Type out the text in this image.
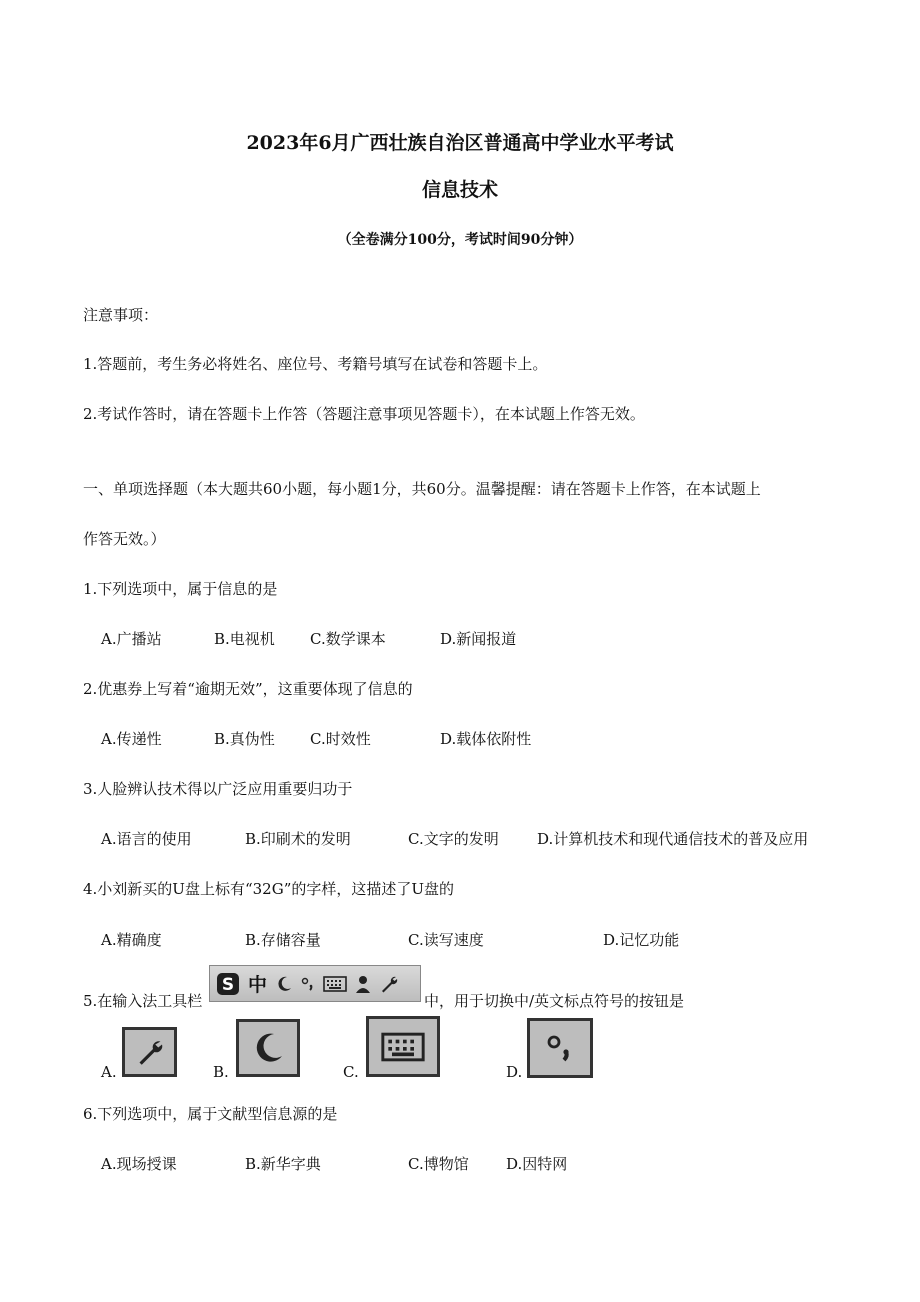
2023年6月广西壮族自治区普通高中学业水平考试
信息技术
（全卷满分100分，考试时间90分钟）
注意事项：
1.答题前，考生务必将姓名、座位号、考籍号填写在试卷和答题卡上。
2.考试作答时，请在答题卡上作答（答题注意事项见答题卡），在本试题上作答无效。
一、单项选择题（本大题共60小题，每小题1分，共60分。温馨提醒：请在答题卡上作答，在本试题上
作答无效。）
1.下列选项中，属于信息的是
A.广播站	B.电视机 C.数学课本	D.新闻报道
2.优惠券上写着“逾期无效”，这重要体现了信息的
A.传递性	B.真伪性 C.时效性	D.载体依附性
3.人脸辨认技术得以广泛应用重要归功于
A.语言的使用	B.印刷术的发明	C.文字的发明	D.计算机技术和现代通信技术的普及应用
4.小刘新买的U盘上标有“32G”的字样，这描述了U盘的
A.精确度	B.存储容量	C.读写速度	D.记忆功能
5.在输入法工具栏
S 中
中，用于切换中/英文标点符号的按钮是
A.	B.	C.	D.
6.下列选项中，属于文献型信息源的是
A.现场授课	B.新华字典	C.博物馆 D.因特网
